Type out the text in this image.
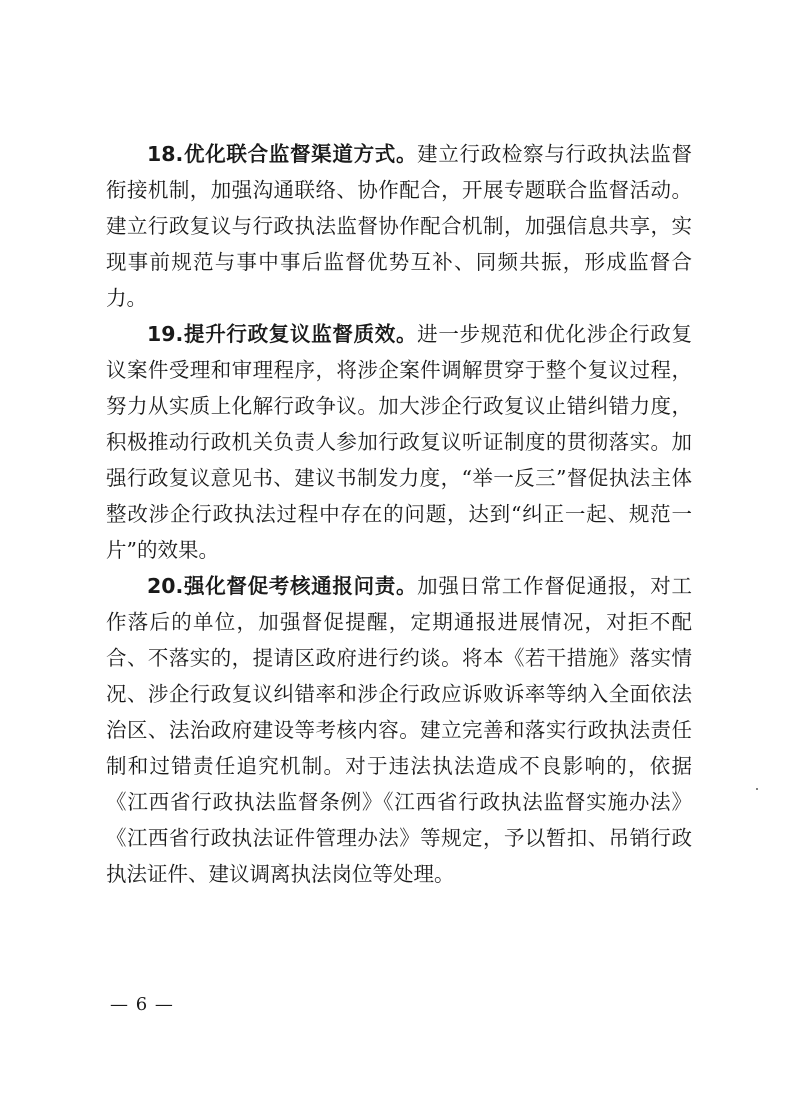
18.优化联合监督渠道方式。建立行政检察与行政执法监督衔接机制，加强沟通联络、协作配合，开展专题联合监督活动。建立行政复议与行政执法监督协作配合机制，加强信息共享，实现事前规范与事中事后监督优势互补、同频共振，形成监督合力。

19.提升行政复议监督质效。进一步规范和优化涉企行政复议案件受理和审理程序，将涉企案件调解贯穿于整个复议过程，努力从实质上化解行政争议。加大涉企行政复议止错纠错力度，积极推动行政机关负责人参加行政复议听证制度的贯彻落实。加强行政复议意见书、建议书制发力度，“举一反三”督促执法主体整改涉企行政执法过程中存在的问题，达到“纠正一起、规范一片”的效果。

20.强化督促考核通报问责。加强日常工作督促通报，对工作落后的单位，加强督促提醒，定期通报进展情况，对拒不配合、不落实的，提请区政府进行约谈。将本《若干措施》落实情况、涉企行政复议纠错率和涉企行政应诉败诉率等纳入全面依法治区、法治政府建设等考核内容。建立完善和落实行政执法责任制和过错责任追究机制。对于违法执法造成不良影响的，依据《江西省行政执法监督条例》《江西省行政执法监督实施办法》《江西省行政执法证件管理办法》等规定，予以暂扣、吊销行政执法证件、建议调离执法岗位等处理。

— 6 —
